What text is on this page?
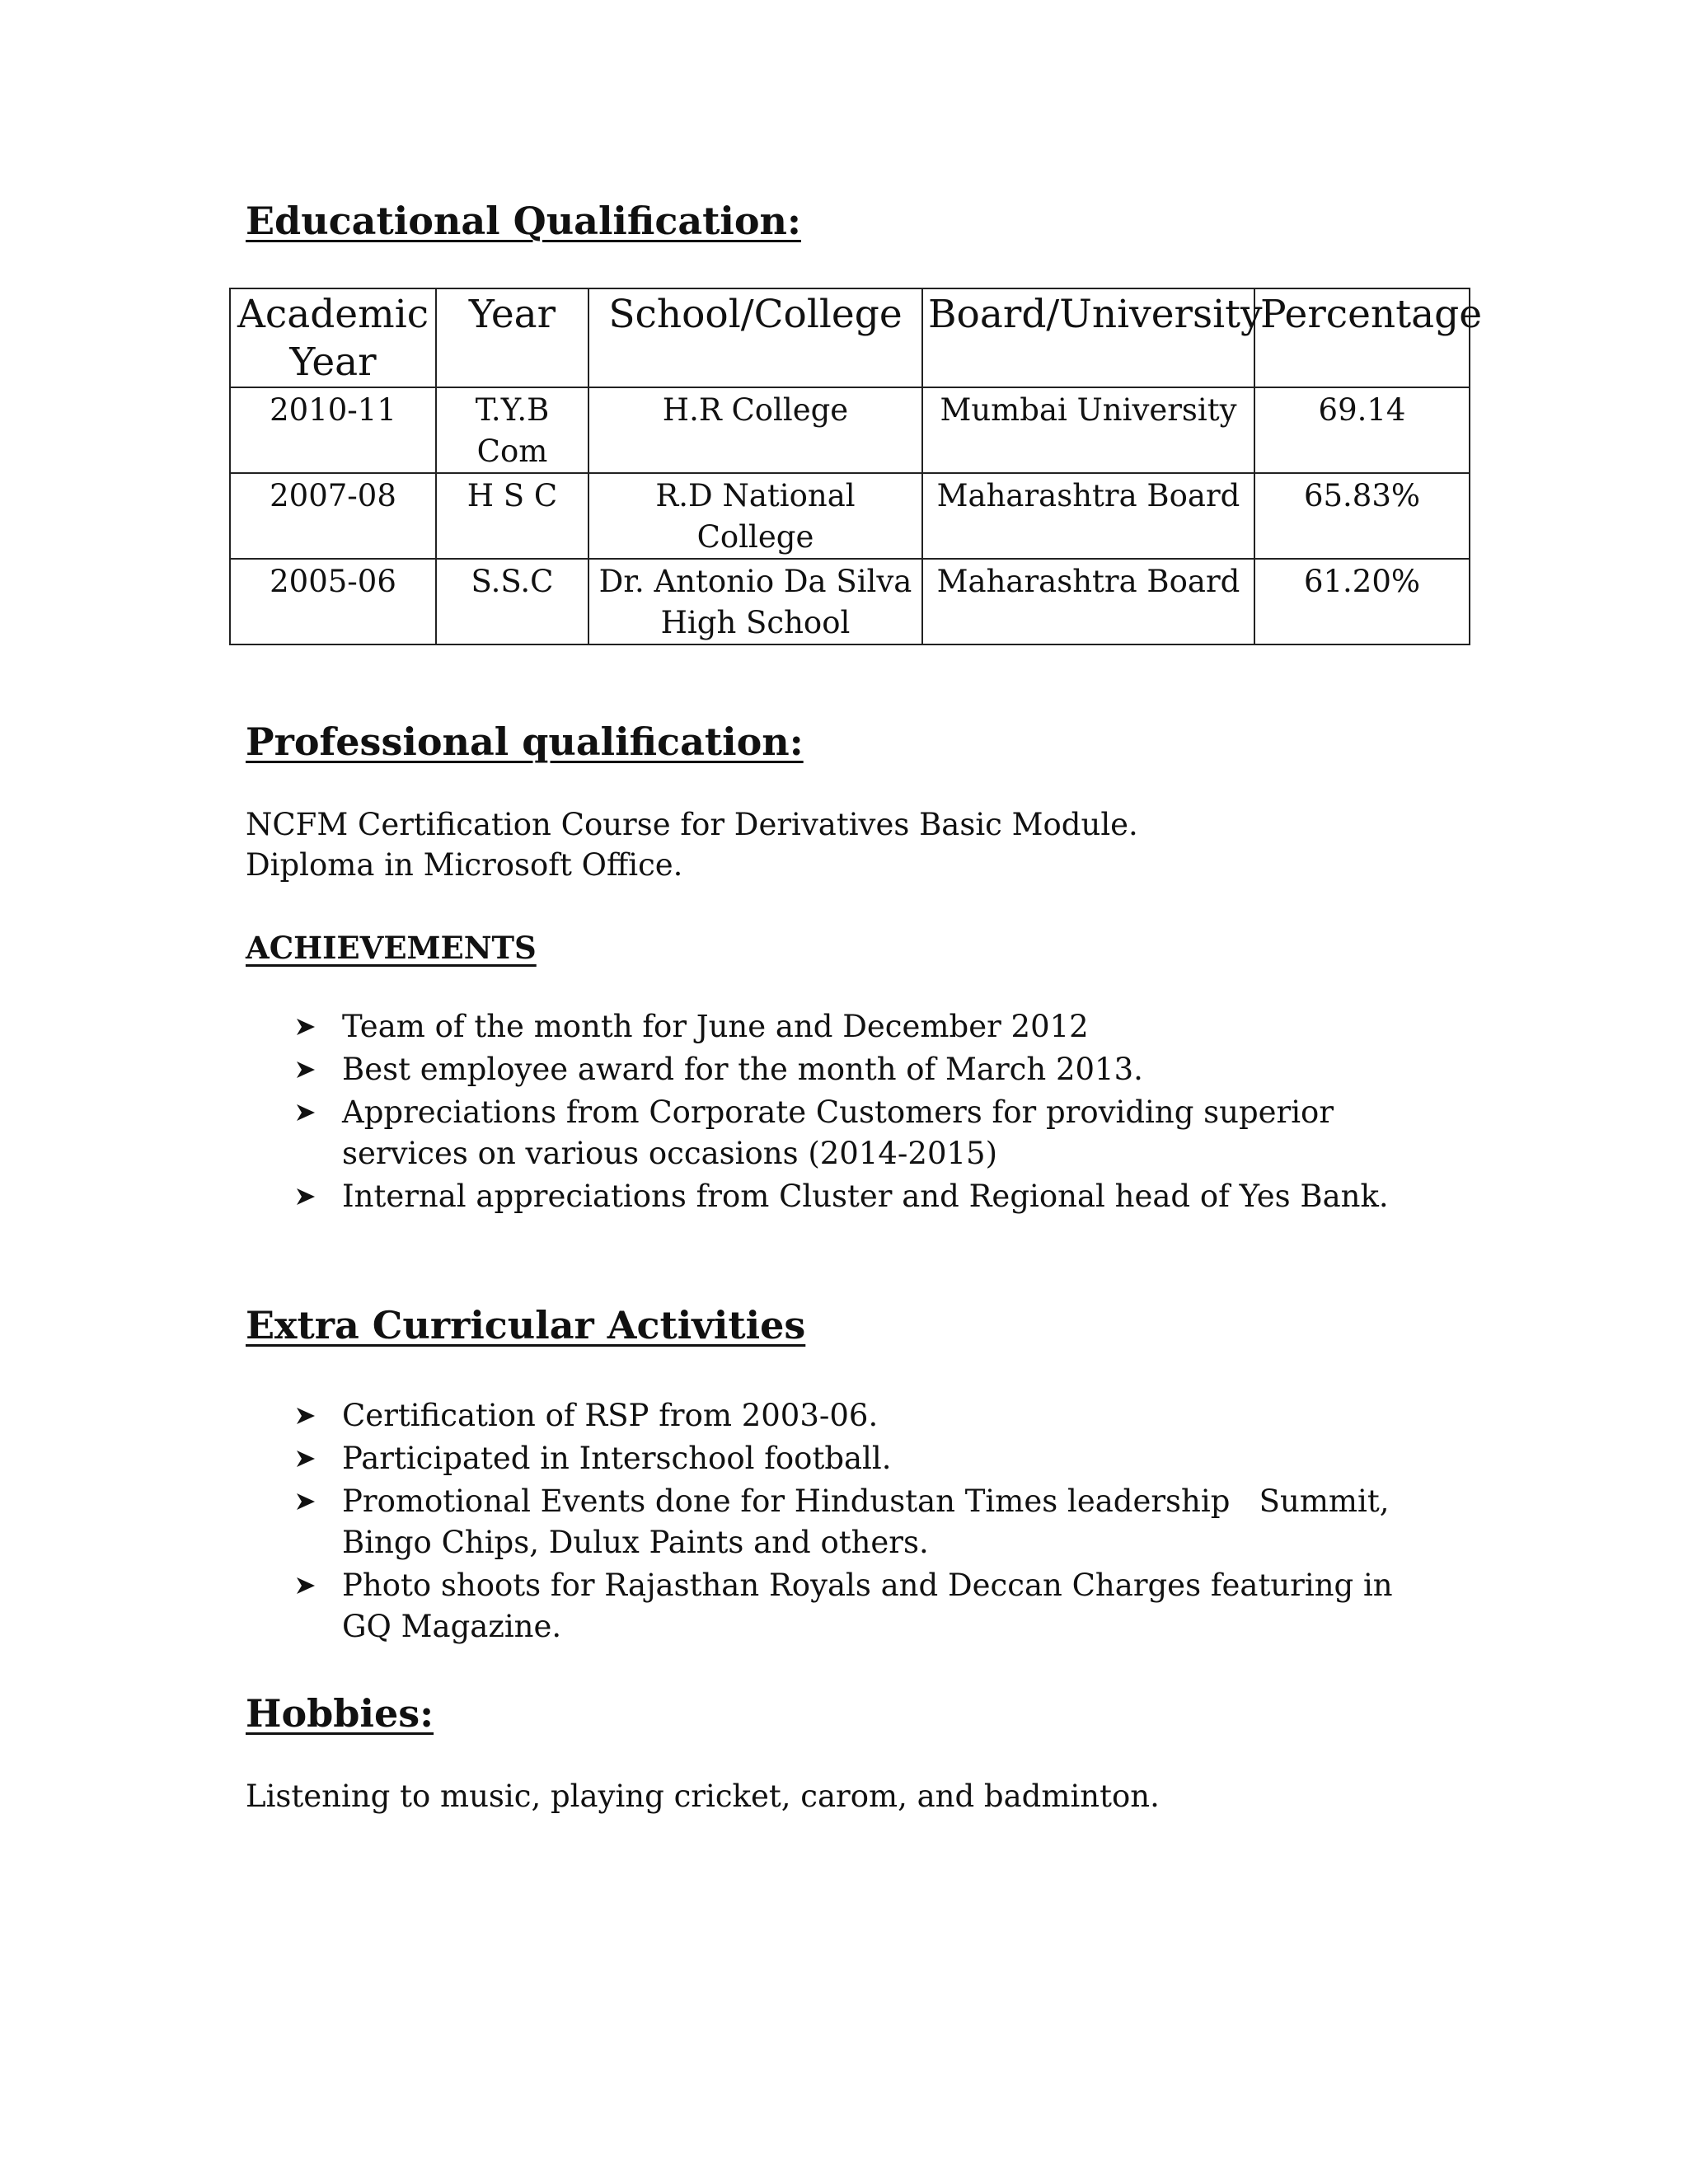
Educational Qualification:
Academic Year	Year	School/College	Board/University	Percentage
2010-11	T.Y.B Com	H.R College	Mumbai University	69.14
2007-08	H S C	R.D National College	Maharashtra Board	65.83%
2005-06	S.S.C	Dr. Antonio Da Silva High School	Maharashtra Board	61.20%
Professional qualification:

NCFM Certification Course for Derivatives Basic Module.

Diploma in Microsoft Office.

ACHIEVEMENTS
Team of the month for June and December 2012
Best employee award for the month of March 2013.
Appreciations from Corporate Customers for providing superior services on various occasions (2014-2015)
Internal appreciations from Cluster and Regional head of Yes Bank.
Extra Curricular Activities
Certification of RSP from 2003-06.
Participated in Interschool football.
Promotional Events done for Hindustan Times leadership   Summit, Bingo Chips, Dulux Paints and others.
Photo shoots for Rajasthan Royals and Deccan Charges featuring in GQ Magazine.
Hobbies:

Listening to music, playing cricket, carom, and badminton.
